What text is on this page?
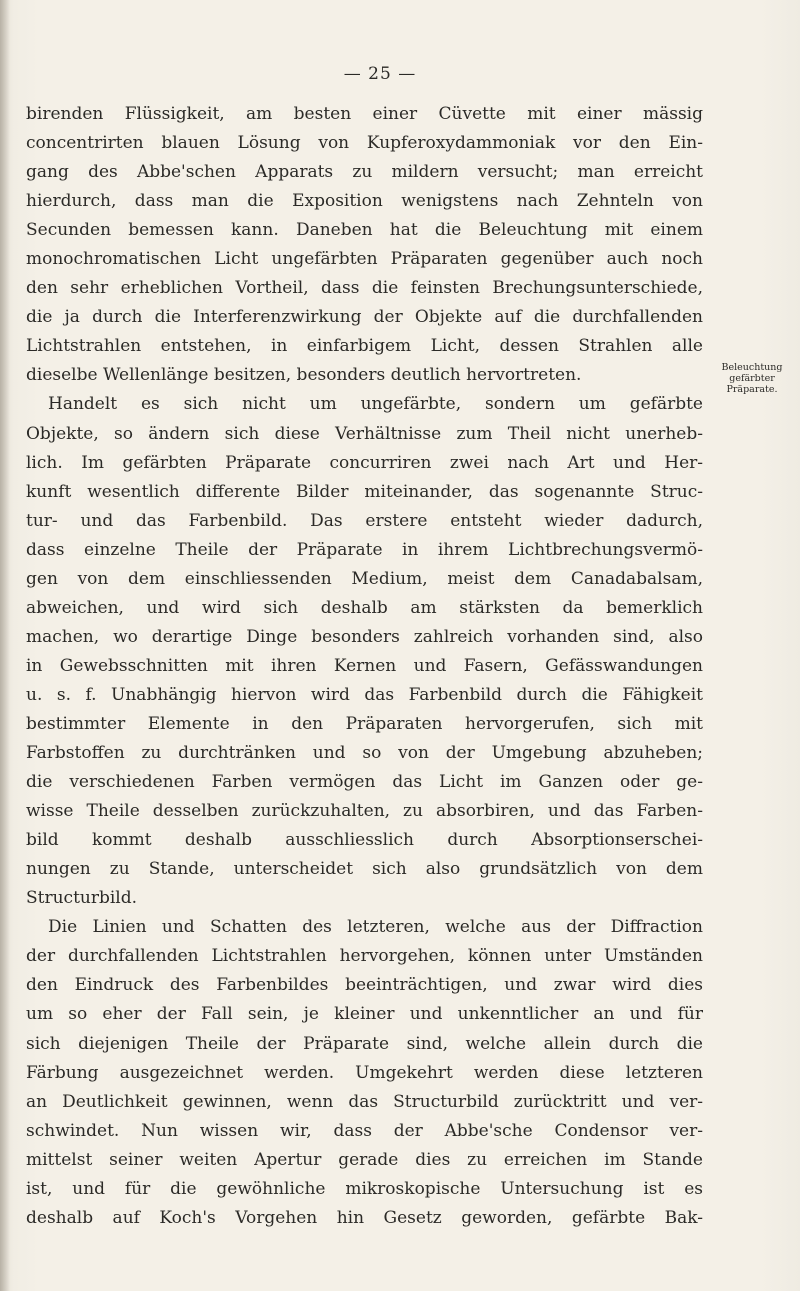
— 25 —
Beleuchtung
gefärbter
Präparate.
birenden Flüssigkeit, am besten einer Cüvette mit einer mässig
concentrirten blauen Lösung von Kupferoxydammoniak vor den Ein-
gang des Abbe'schen Apparats zu mildern versucht; man erreicht
hierdurch, dass man die Exposition wenigstens nach Zehnteln von
Secunden bemessen kann. Daneben hat die Beleuchtung mit einem
monochromatischen Licht ungefärbten Präparaten gegenüber auch noch
den sehr erheblichen Vortheil, dass die feinsten Brechungsunterschiede,
die ja durch die Interferenzwirkung der Objekte auf die durchfallenden
Lichtstrahlen entstehen, in einfarbigem Licht, dessen Strahlen alle
dieselbe Wellenlänge besitzen, besonders deutlich hervortreten.
Handelt es sich nicht um ungefärbte, sondern um gefärbte
Objekte, so ändern sich diese Verhältnisse zum Theil nicht unerheb-
lich. Im gefärbten Präparate concurriren zwei nach Art und Her-
kunft wesentlich differente Bilder miteinander, das sogenannte Struc-
tur- und das Farbenbild. Das erstere entsteht wieder dadurch,
dass einzelne Theile der Präparate in ihrem Lichtbrechungsvermö-
gen von dem einschliessenden Medium, meist dem Canadabalsam,
abweichen, und wird sich deshalb am stärksten da bemerklich
machen, wo derartige Dinge besonders zahlreich vorhanden sind, also
in Gewebsschnitten mit ihren Kernen und Fasern, Gefässwandungen
u. s. f. Unabhängig hiervon wird das Farbenbild durch die Fähigkeit
bestimmter Elemente in den Präparaten hervorgerufen, sich mit
Farbstoffen zu durchtränken und so von der Umgebung abzuheben;
die verschiedenen Farben vermögen das Licht im Ganzen oder ge-
wisse Theile desselben zurückzuhalten, zu absorbiren, und das Farben-
bild kommt deshalb ausschliesslich durch Absorptionserschei-
nungen zu Stande, unterscheidet sich also grundsätzlich von dem
Structurbild.
Die Linien und Schatten des letzteren, welche aus der Diffraction
der durchfallenden Lichtstrahlen hervorgehen, können unter Umständen
den Eindruck des Farbenbildes beeinträchtigen, und zwar wird dies
um so eher der Fall sein, je kleiner und unkenntlicher an und für
sich diejenigen Theile der Präparate sind, welche allein durch die
Färbung ausgezeichnet werden. Umgekehrt werden diese letzteren
an Deutlichkeit gewinnen, wenn das Structurbild zurücktritt und ver-
schwindet. Nun wissen wir, dass der Abbe'sche Condensor ver-
mittelst seiner weiten Apertur gerade dies zu erreichen im Stande
ist, und für die gewöhnliche mikroskopische Untersuchung ist es
deshalb auf Koch's Vorgehen hin Gesetz geworden, gefärbte Bak-
